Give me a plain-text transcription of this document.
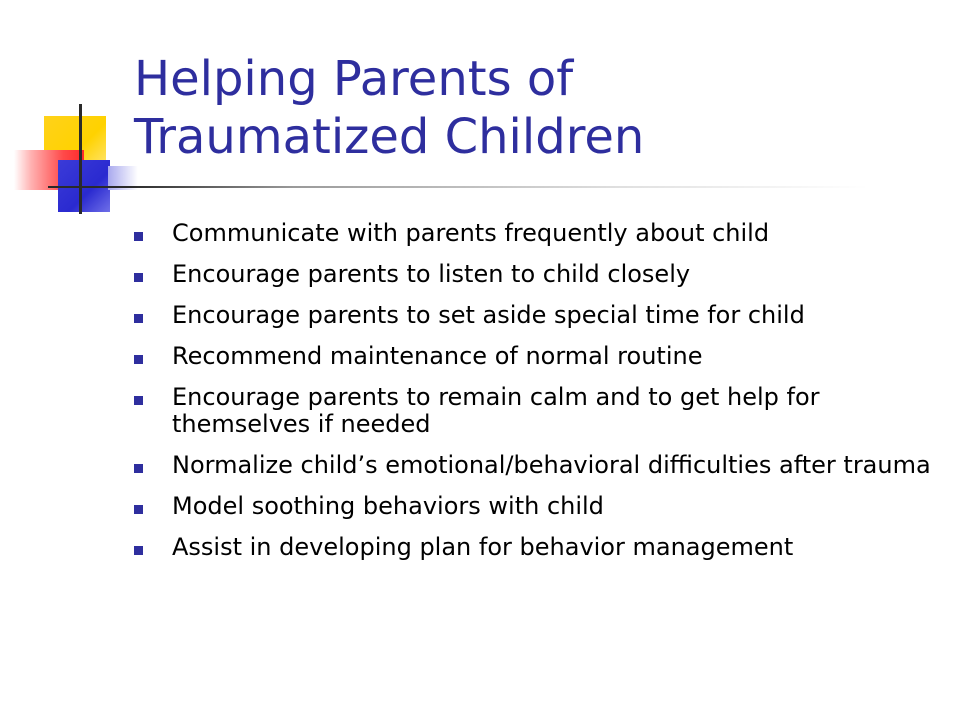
Helping Parents of
Traumatized Children
Communicate with parents frequently about child
Encourage parents to listen to child closely
Encourage parents to set aside special time for child
Recommend maintenance of normal routine
Encourage parents to remain calm and to get help for themselves if needed
Normalize child’s emotional/behavioral difficulties after trauma
Model soothing behaviors with child
Assist in developing plan for behavior management
